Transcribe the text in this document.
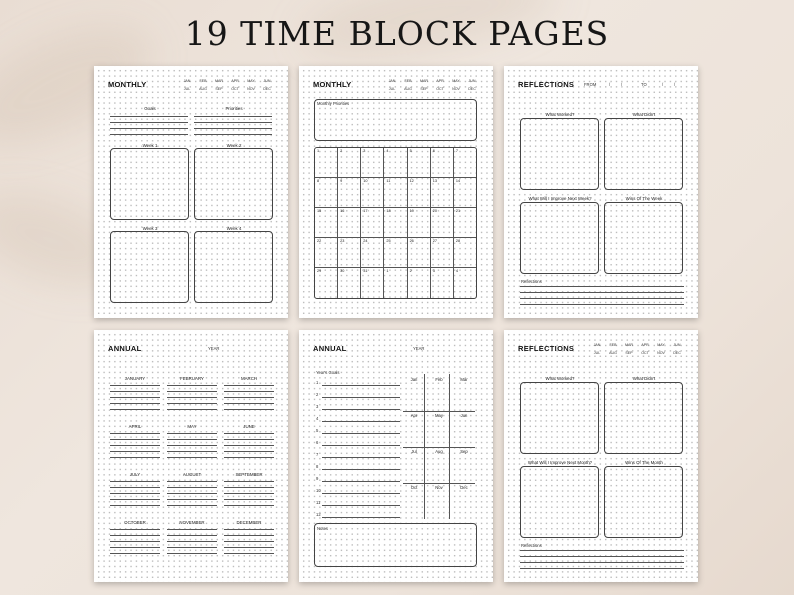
19 TIME BLOCK PAGES
MONTHLY	JAN	FEB	MAR	APR	MAY	JUN
JUL	AUG	SEP	OCT	NOV	DEC
Goals	Priorities
Week 1	Week 2
Week 3	Week 4
MONTHLY	JAN	FEB	MAR	APR	MAY	JUN
JUL	AUG	SEP	OCT	NOV	DEC
Monthly Priorities
1	2	3	4	5	6	7
8	9	10	11	12	13	14
15	16	17	18	19	20	21
22	23	24	25	26	27	28
29	30	31	1	2	3	4
REFLECTIONS FROM	/	/	TO	/	/
What Worked?	What Didn't
What Will I Improve Next Week?	Wins Of The Week
Reflections
ANNUAL	YEAR
JANUARY	FEBRUARY	MARCH
APRIL	MAY	JUNE
JULY	AUGUST	SEPTEMBER
OCTOBER	NOVEMBER	DECEMBER
ANNUAL	YEAR
Year's Goals
1
2
3
4
5
6
7
8
9
10
11
12
Jan	Feb	Mar
Apr	May	Jun
Jul	Aug	Sep
Oct	Nov	Dec
Notes
REFLECTIONS	JAN	FEB	MAR	APR	MAY	JUN
JUL	AUG	SEP	OCT	NOV	DEC
What Worked?	What Didn't
What Will I Improve Next Month?	Wins Of The Month
Reflections
